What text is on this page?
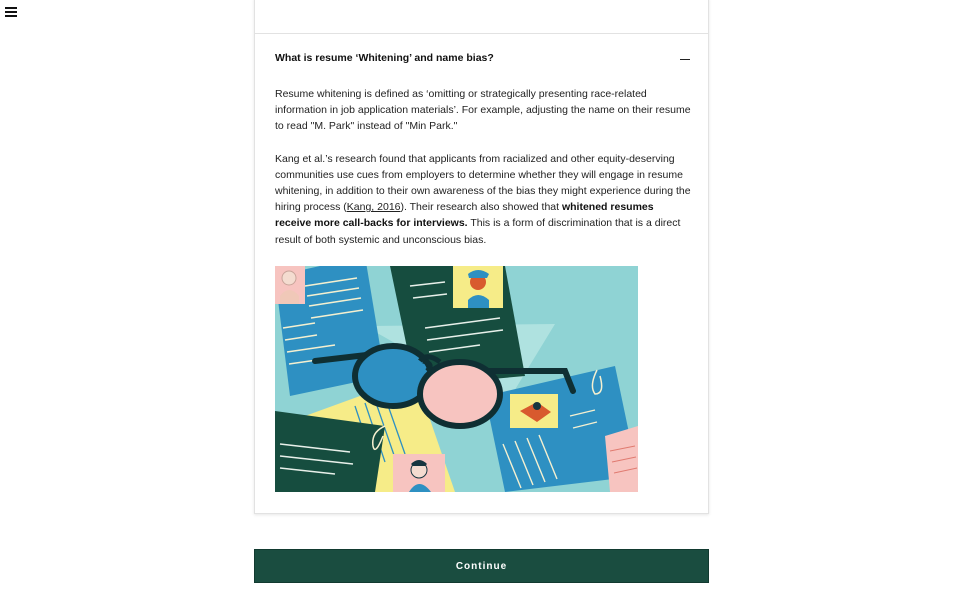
What is resume ‘Whitening’ and name bias?

Resume whitening is defined as ‘omitting or strategically presenting race-related information in job application materials’. For example, adjusting the name on their resume to read "M. Park" instead of "Min Park."

Kang et al.’s research found that applicants from racialized and other equity-deserving communities use cues from employers to determine whether they will engage in resume whitening, in addition to their own awareness of the bias they might experience during the hiring process (Kang, 2016). Their research also showed that whitened resumes receive more call-backs for interviews. This is a form of discrimination that is a direct result of both systemic and unconscious bias.

Continue
